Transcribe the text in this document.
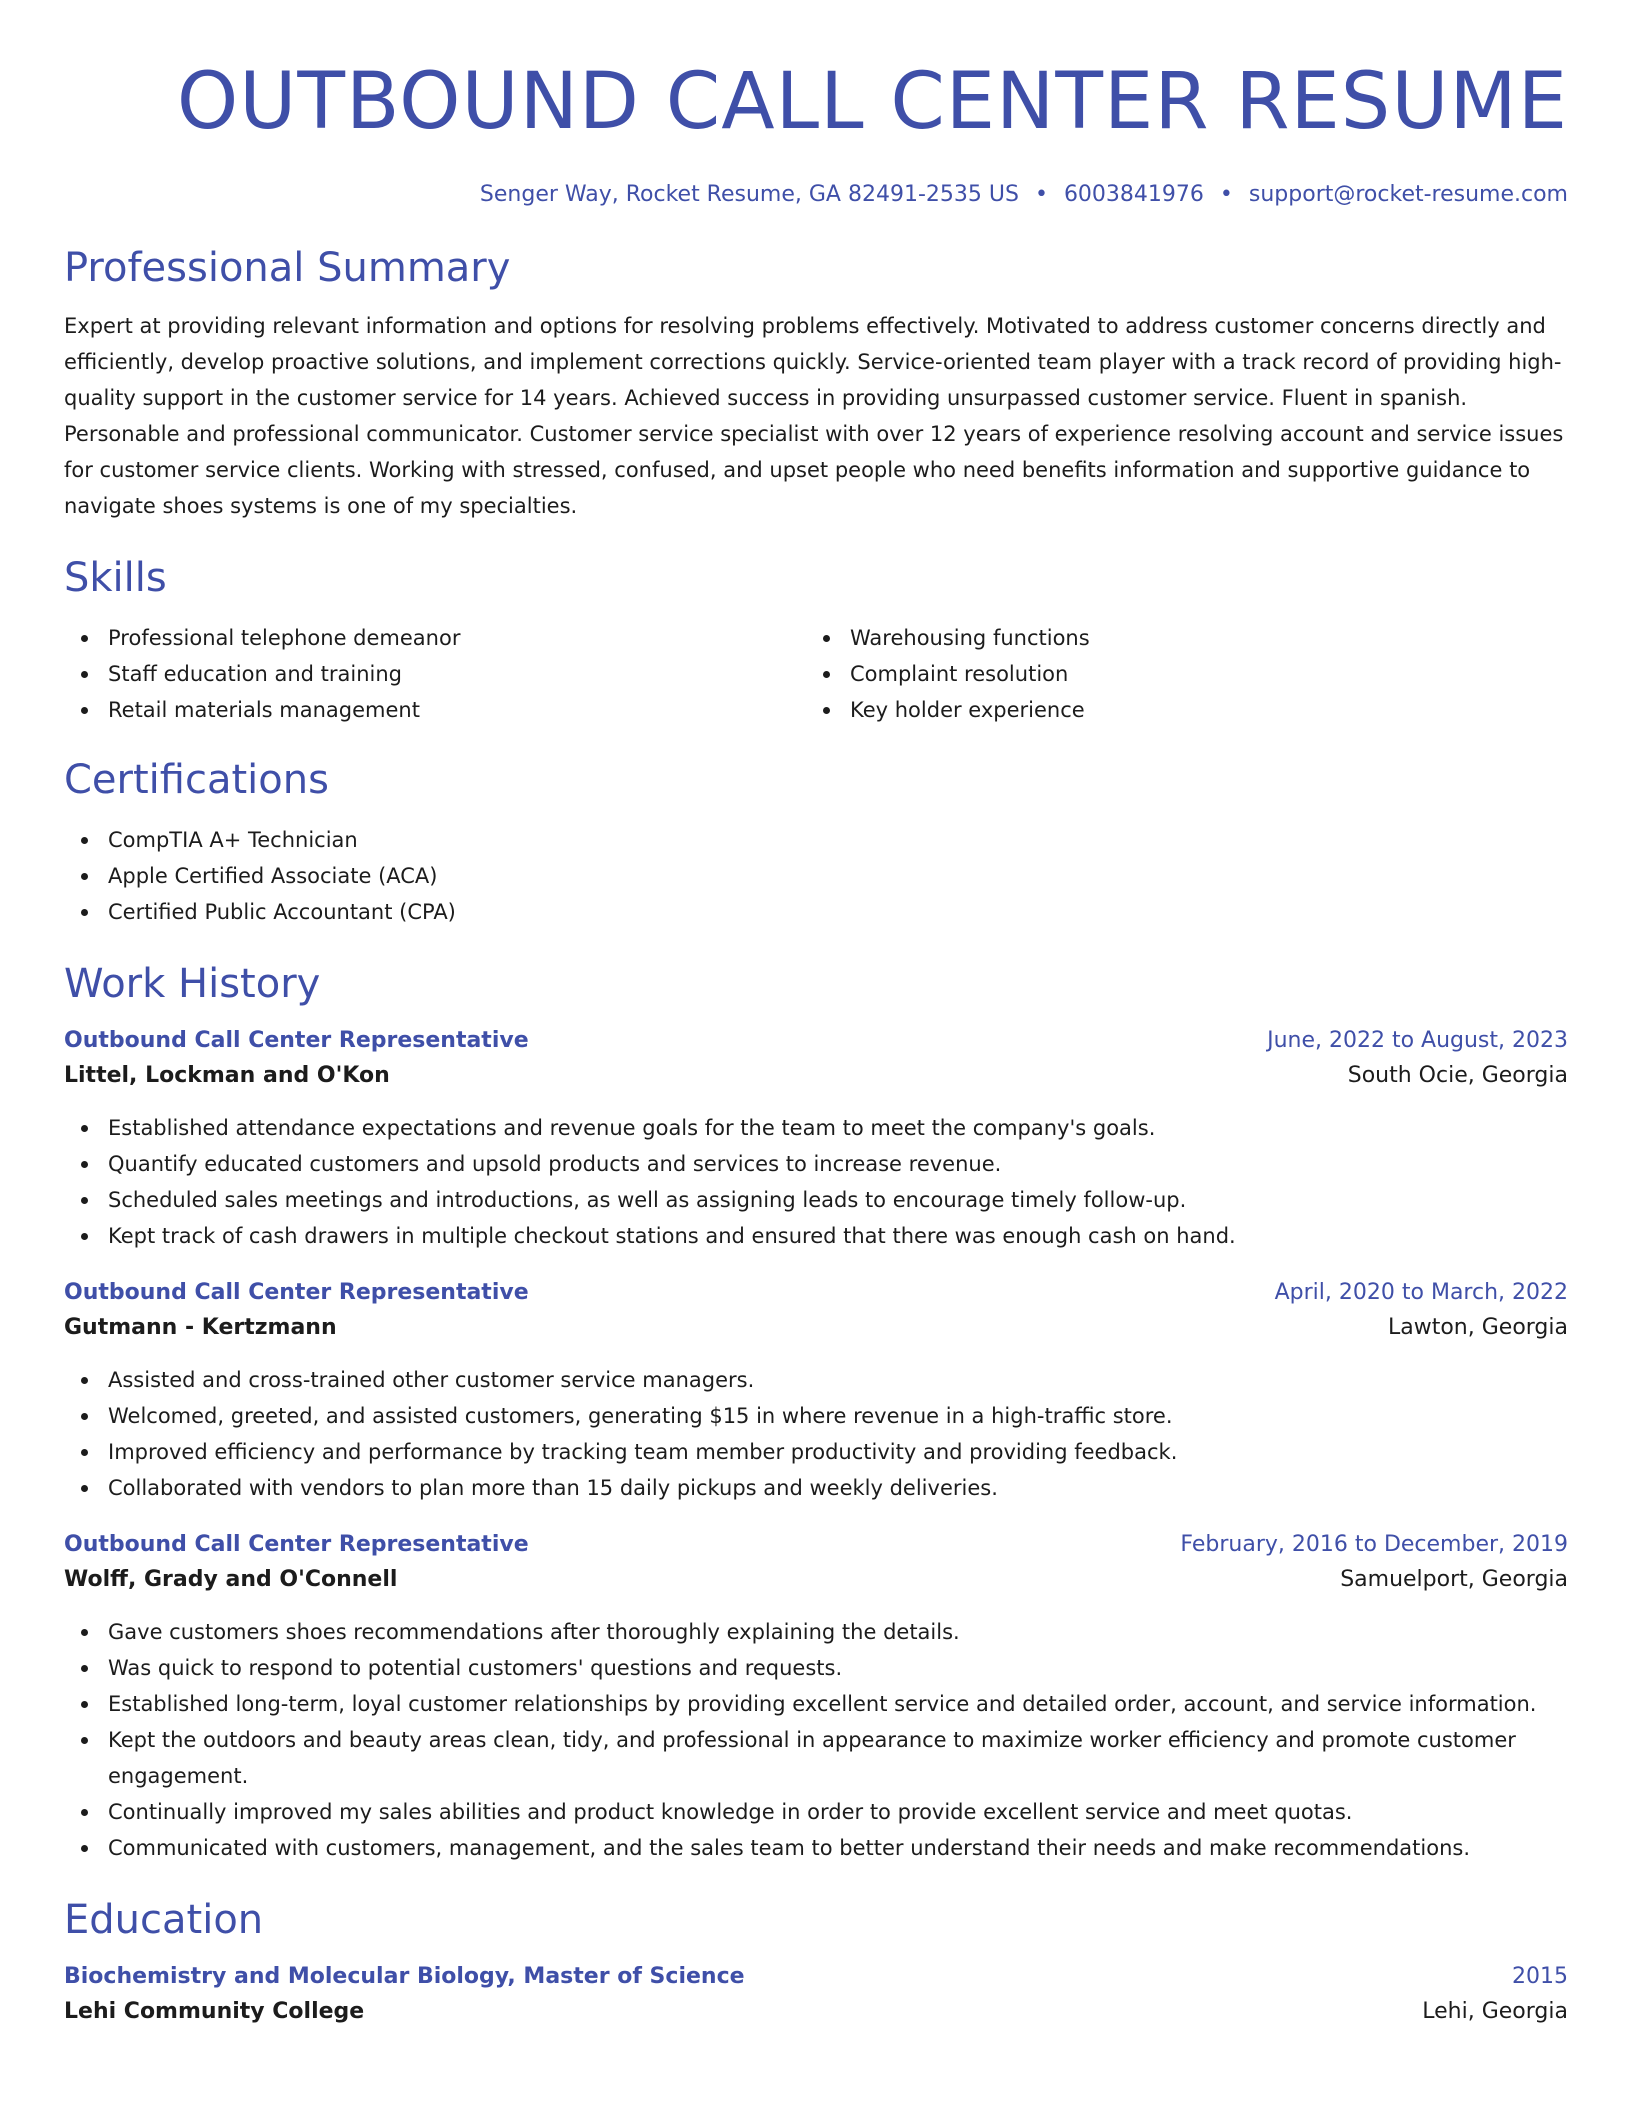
OUTBOUND CALL CENTER RESUME
Senger Way, Rocket Resume, GA 82491-2535 US • 6003841976 • support@rocket-resume.com
Professional Summary
Expert at providing relevant information and options for resolving problems effectively. Motivated to address customer concerns directly and efficiently, develop proactive solutions, and implement corrections quickly. Service-oriented team player with a track record of providing high-quality support in the customer service for 14 years. Achieved success in providing unsurpassed customer service. Fluent in spanish. Personable and professional communicator. Customer service specialist with over 12 years of experience resolving account and service issues for customer service clients. Working with stressed, confused, and upset people who need benefits information and supportive guidance to navigate shoes systems is one of my specialties.
Skills
Professional telephone demeanor
Staff education and training
Retail materials management
Warehousing functions
Complaint resolution
Key holder experience
Certifications
CompTIA A+ Technician
Apple Certified Associate (ACA)
Certified Public Accountant (CPA)
Work History
Outbound Call Center Representative	June, 2022 to August, 2023
Littel, Lockman and O'Kon	South Ocie, Georgia
Established attendance expectations and revenue goals for the team to meet the company's goals.
Quantify educated customers and upsold products and services to increase revenue.
Scheduled sales meetings and introductions, as well as assigning leads to encourage timely follow-up.
Kept track of cash drawers in multiple checkout stations and ensured that there was enough cash on hand.
Outbound Call Center Representative	April, 2020 to March, 2022
Gutmann - Kertzmann	Lawton, Georgia
Assisted and cross-trained other customer service managers.
Welcomed, greeted, and assisted customers, generating $15 in where revenue in a high-traffic store.
Improved efficiency and performance by tracking team member productivity and providing feedback.
Collaborated with vendors to plan more than 15 daily pickups and weekly deliveries.
Outbound Call Center Representative	February, 2016 to December, 2019
Wolff, Grady and O'Connell	Samuelport, Georgia
Gave customers shoes recommendations after thoroughly explaining the details.
Was quick to respond to potential customers' questions and requests.
Established long-term, loyal customer relationships by providing excellent service and detailed order, account, and service information.
Kept the outdoors and beauty areas clean, tidy, and professional in appearance to maximize worker efficiency and promote customer engagement.
Continually improved my sales abilities and product knowledge in order to provide excellent service and meet quotas.
Communicated with customers, management, and the sales team to better understand their needs and make recommendations.
Education
Biochemistry and Molecular Biology, Master of Science	2015
Lehi Community College	Lehi, Georgia
